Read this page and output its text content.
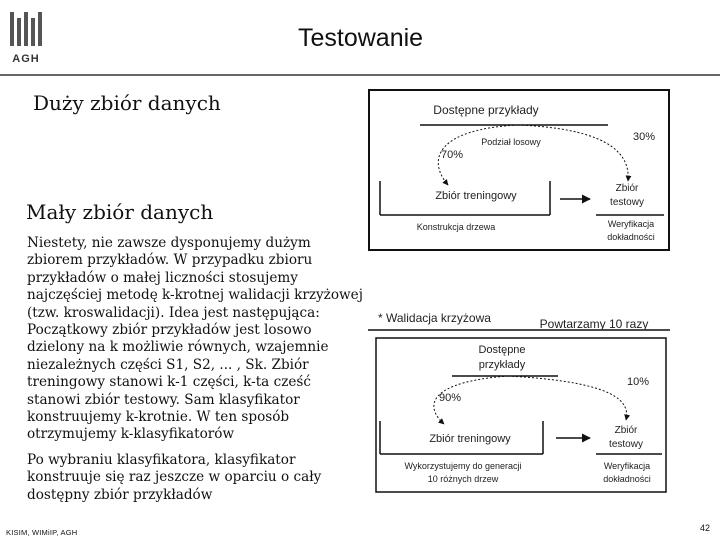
AGH
Testowanie
Duży zbiór danych
Mały zbiór danych
Niestety, nie zawsze dysponujemy dużym
zbiorem przykładów. W przypadku zbioru
przykładów o małej liczności stosujemy
najczęściej metodę k-krotnej walidacji krzyżowej
(tzw. kroswalidacji). Idea jest następująca:
Początkowy zbiór przykładów jest losowo
dzielony na k możliwie równych, wzajemnie
niezależnych części S1, S2, ... , Sk. Zbiór
treningowy stanowi k-1 części, k-ta cześć
stanowi zbiór testowy. Sam klasyfikator
konstruujemy k-krotnie. W ten sposób
otrzymujemy k-klasyfikatorów
Po wybraniu klasyfikatora, klasyfikator
konstruuje się raz jeszcze w oparciu o cały
dostępny zbiór przykładów
Dostępne przykłady
Podział losowy
70%
30%
Zbiór treningowy
Zbiór
testowy
Konstrukcja drzewa	Weryfikacja
dokładności
* Walidacja krzyżowa	Powtarzamy 10 razy
Dostępne
przykłady
90%
10%
Zbiór treningowy
Zbiór
testowy
Wykorzystujemy do generacji
10 różnych drzew
Weryfikacja
dokładności
KISIM, WIMiIP, AGH	42
